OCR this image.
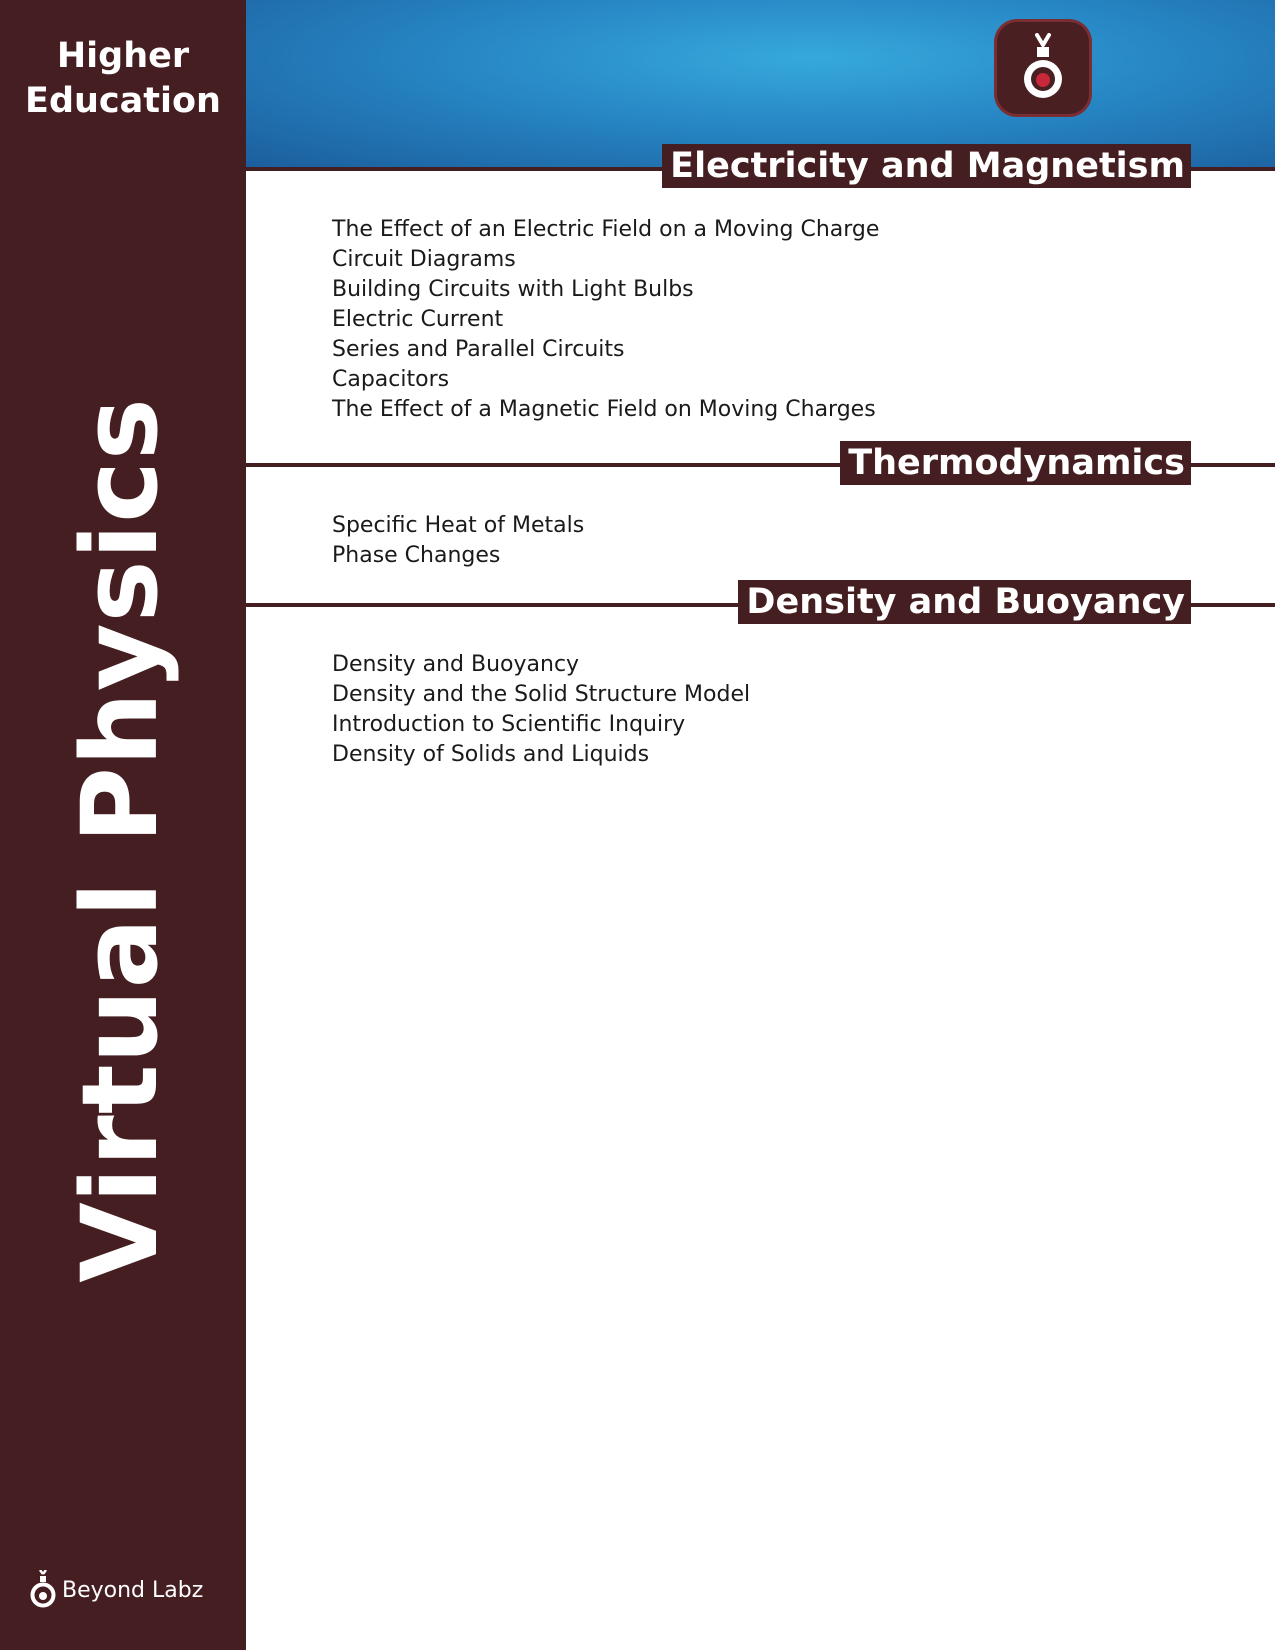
Higher
Education
Virtual Physics
Beyond Labz
Electricity and Magnetism
The Effect of an Electric Field on a Moving Charge
Circuit Diagrams
Building Circuits with Light Bulbs
Electric Current
Series and Parallel Circuits
Capacitors
The Effect of a Magnetic Field on Moving Charges
Thermodynamics
Specific Heat of Metals
Phase Changes
Density and Buoyancy
Density and Buoyancy
Density and the Solid Structure Model
Introduction to Scientific Inquiry
Density of Solids and Liquids
